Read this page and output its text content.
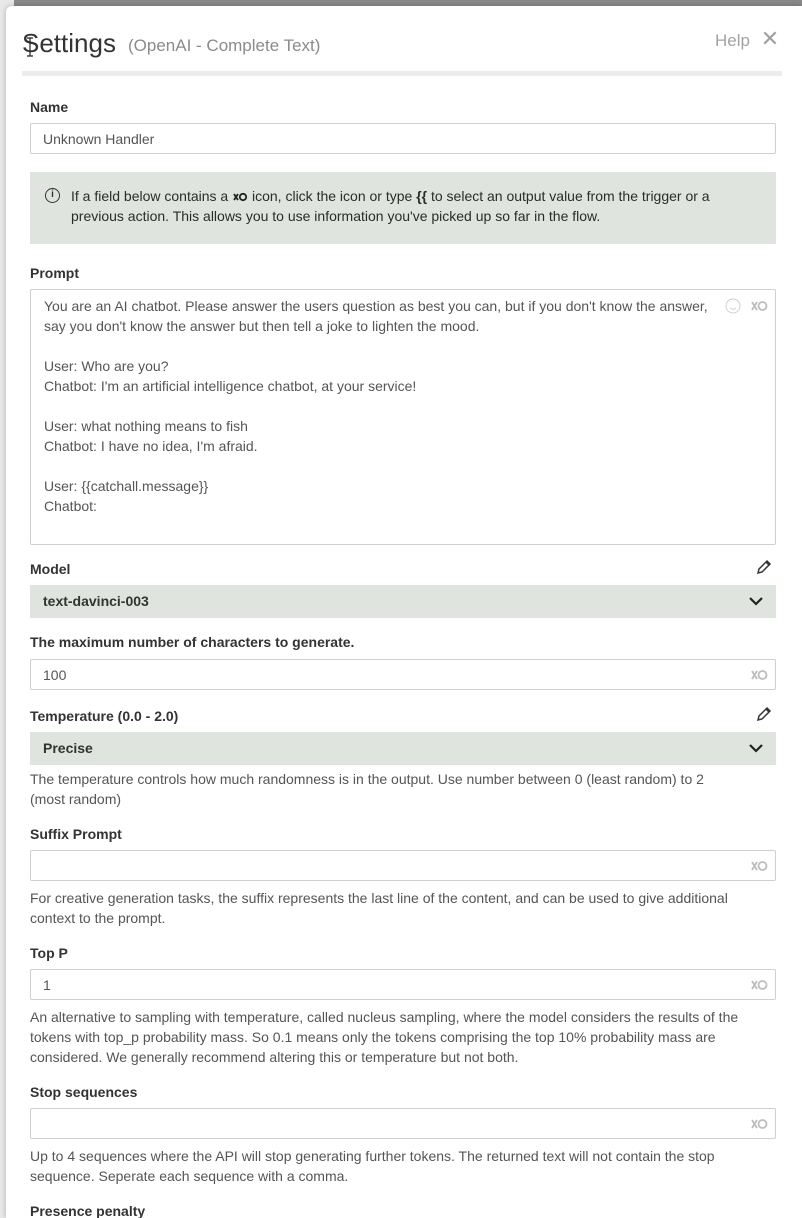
Settings (OpenAI - Complete Text)	Help ✕
Name
Unknown Handler
i	If a field below contains a  icon, click the icon or type {{ to select an output value from the trigger or a
previous action. This allows you to use information you've picked up so far in the flow.
Prompt
You are an AI chatbot. Please answer the users question as best you can, but if you don't know the answer,
say you don't know the answer but then tell a joke to lighten the mood.
User: Who are you?
Chatbot: I'm an artificial intelligence chatbot, at your service!
User: what nothing means to fish
Chatbot: I have no idea, I'm afraid.
User: {{catchall.message}}
Chatbot:
Model
text-davinci-003
The maximum number of characters to generate.
100
Temperature (0.0 - 2.0)
Precise
The temperature controls how much randomness is in the output. Use number between 0 (least random) to 2
(most random)
Suffix Prompt
For creative generation tasks, the suffix represents the last line of the content, and can be used to give additional
context to the prompt.
Top P
1
An alternative to sampling with temperature, called nucleus sampling, where the model considers the results of the
tokens with top_p probability mass. So 0.1 means only the tokens comprising the top 10% probability mass are
considered. We generally recommend altering this or temperature but not both.
Stop sequences
Up to 4 sequences where the API will stop generating further tokens. The returned text will not contain the stop
sequence. Seperate each sequence with a comma.
Presence penalty
